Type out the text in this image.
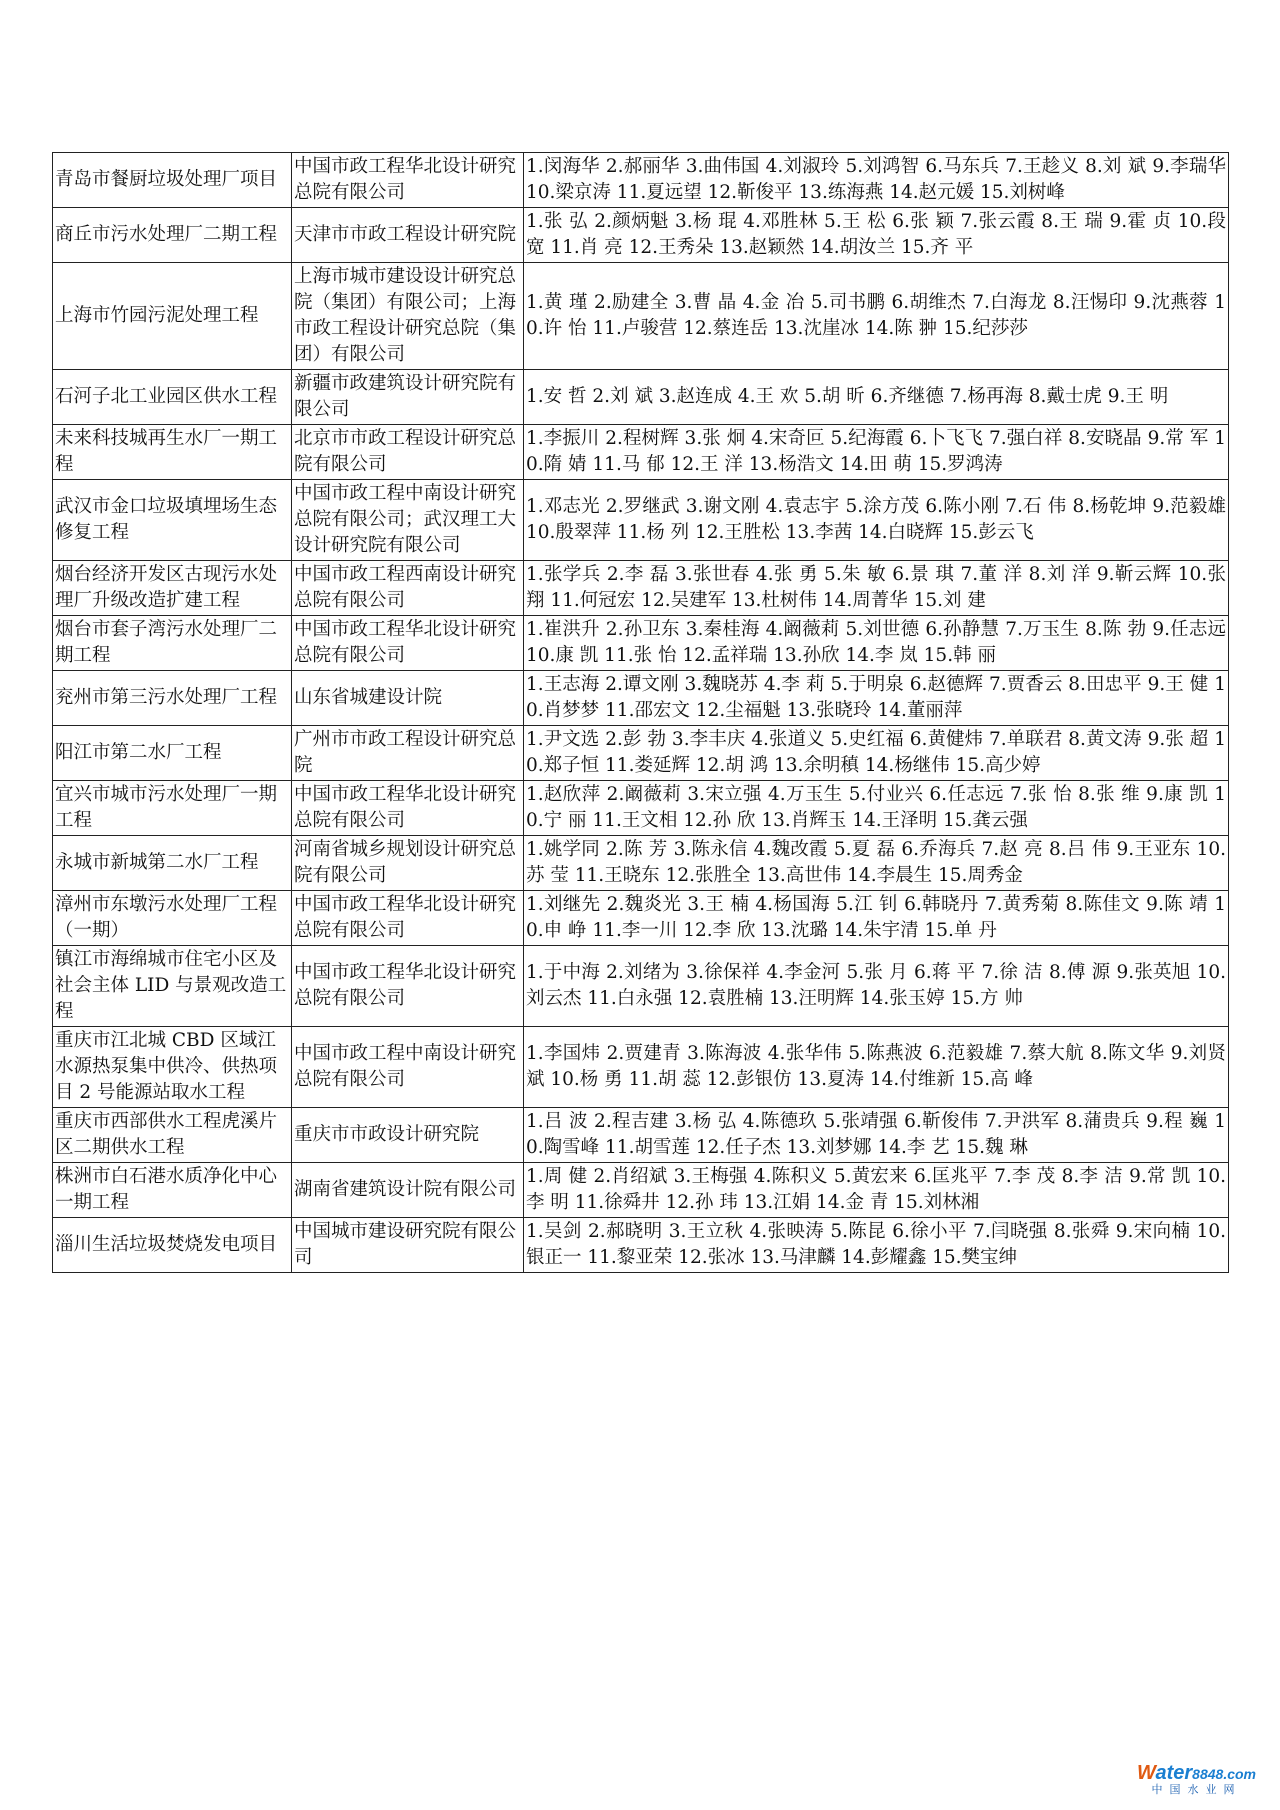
青岛市餐厨垃圾处理厂项目	中国市政工程华北设计研究总院有限公司	1.闵海华 2.郝丽华 3.曲伟国 4.刘淑玲 5.刘鸿智 6.马东兵 7.王趁义 8.刘 斌 9.李瑞华 10.梁京涛 11.夏远望 12.靳俊平 13.练海燕 14.赵元媛 15.刘树峰
商丘市污水处理厂二期工程	天津市市政工程设计研究院	1.张 弘 2.颜炳魁 3.杨 琨 4.邓胜林 5.王 松 6.张 颖 7.张云霞 8.王 瑞 9.霍 贞 10.段 宽 11.肖 亮 12.王秀朵 13.赵颖然 14.胡汝兰 15.齐 平
上海市竹园污泥处理工程	上海市城市建设设计研究总院（集团）有限公司；上海市政工程设计研究总院（集团）有限公司	1.黄 瑾 2.励建全 3.曹 晶 4.金 冶 5.司书鹏 6.胡维杰 7.白海龙 8.汪惕印 9.沈燕蓉 10.许 怡 11.卢骏营 12.蔡连岳 13.沈崖冰 14.陈 翀 15.纪莎莎
石河子北工业园区供水工程	新疆市政建筑设计研究院有限公司	1.安 哲 2.刘 斌 3.赵连成 4.王 欢 5.胡 昕 6.齐继德 7.杨再海 8.戴士虎 9.王 明
未来科技城再生水厂一期工程	北京市市政工程设计研究总院有限公司	1.李振川 2.程树辉 3.张 炯 4.宋奇叵 5.纪海霞 6.卜飞飞 7.强白祥 8.安晓晶 9.常 军 10.隋 婧 11.马 郁 12.王 洋 13.杨浩文 14.田 萌 15.罗鸿涛
武汉市金口垃圾填埋场生态修复工程	中国市政工程中南设计研究总院有限公司；武汉理工大设计研究院有限公司	1.邓志光 2.罗继武 3.谢文刚 4.袁志宇 5.涂方茂 6.陈小刚 7.石 伟 8.杨乾坤 9.范毅雄 10.殷翠萍 11.杨 列 12.王胜松 13.李茜 14.白晓辉 15.彭云飞
烟台经济开发区古现污水处理厂升级改造扩建工程	中国市政工程西南设计研究总院有限公司	1.张学兵 2.李 磊 3.张世春 4.张 勇 5.朱 敏 6.景 琪 7.董 洋 8.刘 洋 9.靳云辉 10.张 翔 11.何冠宏 12.吴建军 13.杜树伟 14.周菁华 15.刘 建
烟台市套子湾污水处理厂二期工程	中国市政工程华北设计研究总院有限公司	1.崔洪升 2.孙卫东 3.秦桂海 4.阚薇莉 5.刘世德 6.孙静慧 7.万玉生 8.陈 勃 9.任志远 10.康 凯 11.张 怡 12.孟祥瑞 13.孙欣 14.李 岚 15.韩 丽
兖州市第三污水处理厂工程	山东省城建设计院	1.王志海 2.谭文刚 3.魏晓苏 4.李 莉 5.于明泉 6.赵德辉 7.贾香云 8.田忠平 9.王 健 10.肖梦梦 11.邵宏文 12.尘福魁 13.张晓玲 14.董丽萍
阳江市第二水厂工程	广州市市政工程设计研究总院	1.尹文选 2.彭 勃 3.李丰庆 4.张道义 5.史红福 6.黄健炜 7.单联君 8.黄文涛 9.张 超 10.郑子恒 11.娄延辉 12.胡 鸿 13.余明稹 14.杨继伟 15.高少婷
宜兴市城市污水处理厂一期工程	中国市政工程华北设计研究总院有限公司	1.赵欣萍 2.阚薇莉 3.宋立强 4.万玉生 5.付业兴 6.任志远 7.张 怡 8.张 维 9.康 凯 10.宁 丽 11.王文相 12.孙 欣 13.肖辉玉 14.王泽明 15.龚云强
永城市新城第二水厂工程	河南省城乡规划设计研究总院有限公司	1.姚学同 2.陈 芳 3.陈永信 4.魏改霞 5.夏 磊 6.乔海兵 7.赵 亮 8.吕 伟 9.王亚东 10.苏 莹 11.王晓东 12.张胜全 13.高世伟 14.李晨生 15.周秀金
漳州市东墩污水处理厂工程（一期）	中国市政工程华北设计研究总院有限公司	1.刘继先 2.魏炎光 3.王 楠 4.杨国海 5.江 钊 6.韩晓丹 7.黄秀菊 8.陈佳文 9.陈 靖 10.申 峥 11.李一川 12.李 欣 13.沈璐 14.朱宇清 15.单 丹
镇江市海绵城市住宅小区及社会主体 LID 与景观改造工程	中国市政工程华北设计研究总院有限公司	1.于中海 2.刘绪为 3.徐保祥 4.李金河 5.张 月 6.蒋 平 7.徐 洁 8.傅 源 9.张英旭 10.刘云杰 11.白永强 12.袁胜楠 13.汪明辉 14.张玉婷 15.方 帅
重庆市江北城 CBD 区域江水源热泵集中供冷、供热项目 2 号能源站取水工程	中国市政工程中南设计研究总院有限公司	1.李国炜 2.贾建青 3.陈海波 4.张华伟 5.陈燕波 6.范毅雄 7.蔡大航 8.陈文华 9.刘贤斌 10.杨 勇 11.胡 蕊 12.彭银仿 13.夏涛 14.付维新 15.高 峰
重庆市西部供水工程虎溪片区二期供水工程	重庆市市政设计研究院	1.吕 波 2.程吉建 3.杨 弘 4.陈德玖 5.张靖强 6.靳俊伟 7.尹洪军 8.蒲贵兵 9.程 巍 10.陶雪峰 11.胡雪莲 12.任子杰 13.刘梦娜 14.李 艺 15.魏 琳
株洲市白石港水质净化中心一期工程	湖南省建筑设计院有限公司	1.周 健 2.肖绍斌 3.王梅强 4.陈积义 5.黄宏来 6.匡兆平 7.李 茂 8.李 洁 9.常 凯 10.李 明 11.徐舜井 12.孙 玮 13.江娟 14.金 青 15.刘林湘
淄川生活垃圾焚烧发电项目	中国城市建设研究院有限公司	1.吴剑 2.郝晓明 3.王立秋 4.张映涛 5.陈昆 6.徐小平 7.闫晓强 8.张舜 9.宋向楠 10.银正一 11.黎亚荣 12.张冰 13.马津麟 14.彭耀鑫 15.樊宝绅
Water8848.com
中国水业网
